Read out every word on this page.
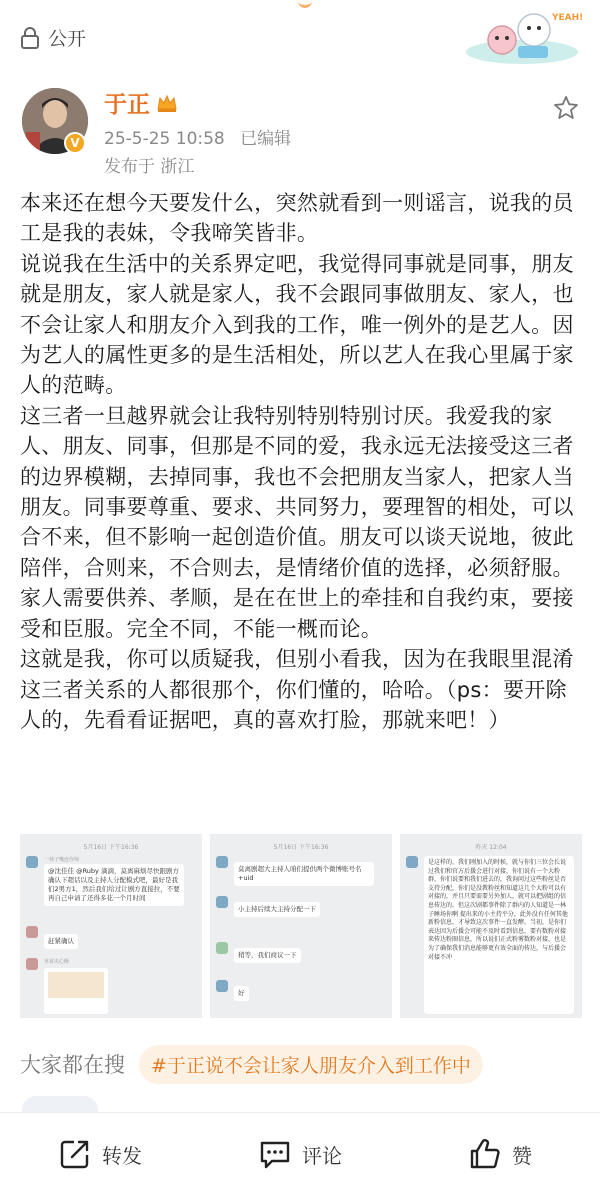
公开
YEAH!
V
于正
25-5-25 10:58 已编辑
发布于 浙江

本来还在想今天要发什么，突然就看到一则谣言，说我的员工是我的表妹，令我啼笑皆非。

说说我在生活中的关系界定吧，我觉得同事就是同事，朋友就是朋友，家人就是家人，我不会跟同事做朋友、家人，也不会让家人和朋友介入到我的工作，唯一例外的是艺人。因为艺人的属性更多的是生活相处，所以艺人在我心里属于家人的范畴。

这三者一旦越界就会让我特别特别特别讨厌。我爱我的家人、朋友、同事，但那是不同的爱，我永远无法接受这三者的边界模糊，去掉同事，我也不会把朋友当家人，把家人当朋友。同事要尊重、要求、共同努力，要理智的相处，可以合不来，但不影响一起创造价值。朋友可以谈天说地，彼此陪伴，合则来，不合则去，是情绪价值的选择，必须舒服。家人需要供养、孝顺，是在在世上的牵挂和自我约束，要接受和臣服。完全不同，不能一概而论。

这就是我，你可以质疑我，但别小看我，因为在我眼里混淆这三者关系的人都很那个，你们懂的，哈哈。（ps：要开除人的，先看看证据吧，真的喜欢打脸，那就来吧！）

5月16日 下午16:36
一林子嘴连你师
@沈佳佳 @Ruby 滴滴，莫离麻烦尽快跟剧方确认下超话以及主持人分配模式吧，最好是我们2男方1，然后我们给过让剧方直接拉，不要再自己申请了还得多花一个月时间
赶紧确认
草莓夹心酥
5月16日 下午16:36
莫离剧超大主持人咱们提供两个微博账号名 +uid
小主持后续大主持分配一下
稍等，我们商议一下
好
昨天 12:04
是这样的，我们刚加入的时候，就与你们三位会长说过我们和官方后援会进行对接，你们说有一个大粉群，你们说要和我们进去的，我询问过这些粉丝是否支持分配，你们是没教粉丝和知道这几个大粉可以有对接的，并且只要需要另外加人，就可以把剧组的信息传达的。但这次剧都事件除了群内的人知道是一林子睡场你啊 提出来的小主持平分，此外没有任何其他新粉信息，才导致这次事件一直发酵。当初，是你们表达因为后援会可能不及时看到信息，要有数粉对接来传达粉圈信息，所以说们正式粉雾数粉对接，也是为了确保我们消息能够更有效全面的传达，与后援会对接不冲
大家都在搜	#于正说不会让家人朋友介入到工作中
转发	评论	赞
